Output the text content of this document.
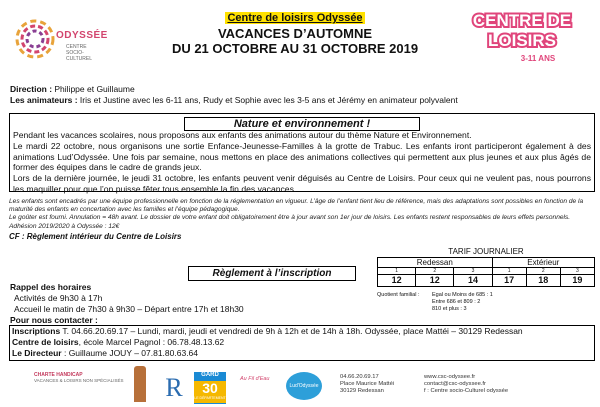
ODYSSÉE
CENTRE
SOCIO-
CULTUREL
Centre de loisirs Odyssée
VACANCES D’AUTOMNE
DU 21 OCTOBRE AU 31 OCTOBRE 2019
CENTRE DE
LOISIRS
3-11 ANS
Direction : Philippe et Guillaume
Les animateurs : Iris et Justine avec les 6-11 ans, Rudy et Sophie avec les 3-5 ans et Jérémy en animateur polyvalent
Nature et environnement !

Pendant les vacances scolaires, nous proposons aux enfants des animations autour du thème Nature et Environnement.

Le mardi 22 octobre, nous organisons une sortie Enfance-Jeunesse-Familles à la grotte de Trabuc. Les enfants iront participeront également à des animations Lud’Odyssée. Une fois par semaine, nous mettons en place des animations collectives qui permettent aux plus jeunes et aux plus âgés de former des équipes dans le cadre de grands jeux.

Lors de la dernière journée, le jeudi 31 octobre, les enfants peuvent venir déguisés au Centre de Loisirs. Pour ceux qui ne veulent pas, nous pourrons les maquiller pour que l’on puisse fêter tous ensemble la fin des vacances.

Les enfants sont encadrés par une équipe professionnelle en fonction de la réglementation en vigueur. L’âge de l’enfant tient lieu de référence, mais des adaptations sont possibles en fonction de la maturité des enfants en concertation avec les familles et l’équipe pédagogique.

Le goûter est fourni. Annulation = 48h avant. Le dossier de votre enfant doit obligatoirement être à jour avant son 1er jour de loisirs. Les enfants restent responsables de leurs effets personnels. Adhésion 2019/2020 à Odyssée : 12€

CF : Règlement intérieur du Centre de Loisirs
Règlement à l’inscription
TARIF JOURNALIER					
Redessan			Extérieur		
1	2	3	1	2	3
12	12	14	17	18	19
Quotient familial : Egal ou Moins de 685 : 1
Entre 686 et 809 : 2
810 et plus : 3
Rappel des horaires
Activités de 9h30 à 17h
Accueil le matin de 7h30 à 9h30 – Départ entre 17h et 18h30
Pour nous contacter :
Inscriptions T. 04.66.20.69.17 – Lundi, mardi, jeudi et vendredi de 9h à 12h et de 14h à 18h. Odyssée, place Mattéi – 30129 Redessan
Centre de loisirs, école Marcel Pagnol : 06.78.48.13.62
Le Directeur : Guillaume JOUY – 07.81.80.63.64
CHARTE HANDICAP
VACANCES & LOISIRS NON SPÉCIALISÉS R	GARD
30
LE DÉPARTEMENT
Au Fil d'Eau
Lud'Odyssée
04.66.20.69.17
Place Maurice Mattéi
30129 Redessan
www.csc-odyssee.fr
contact@csc-odyssee.fr
f : Centre socio-Culturel odyssée
